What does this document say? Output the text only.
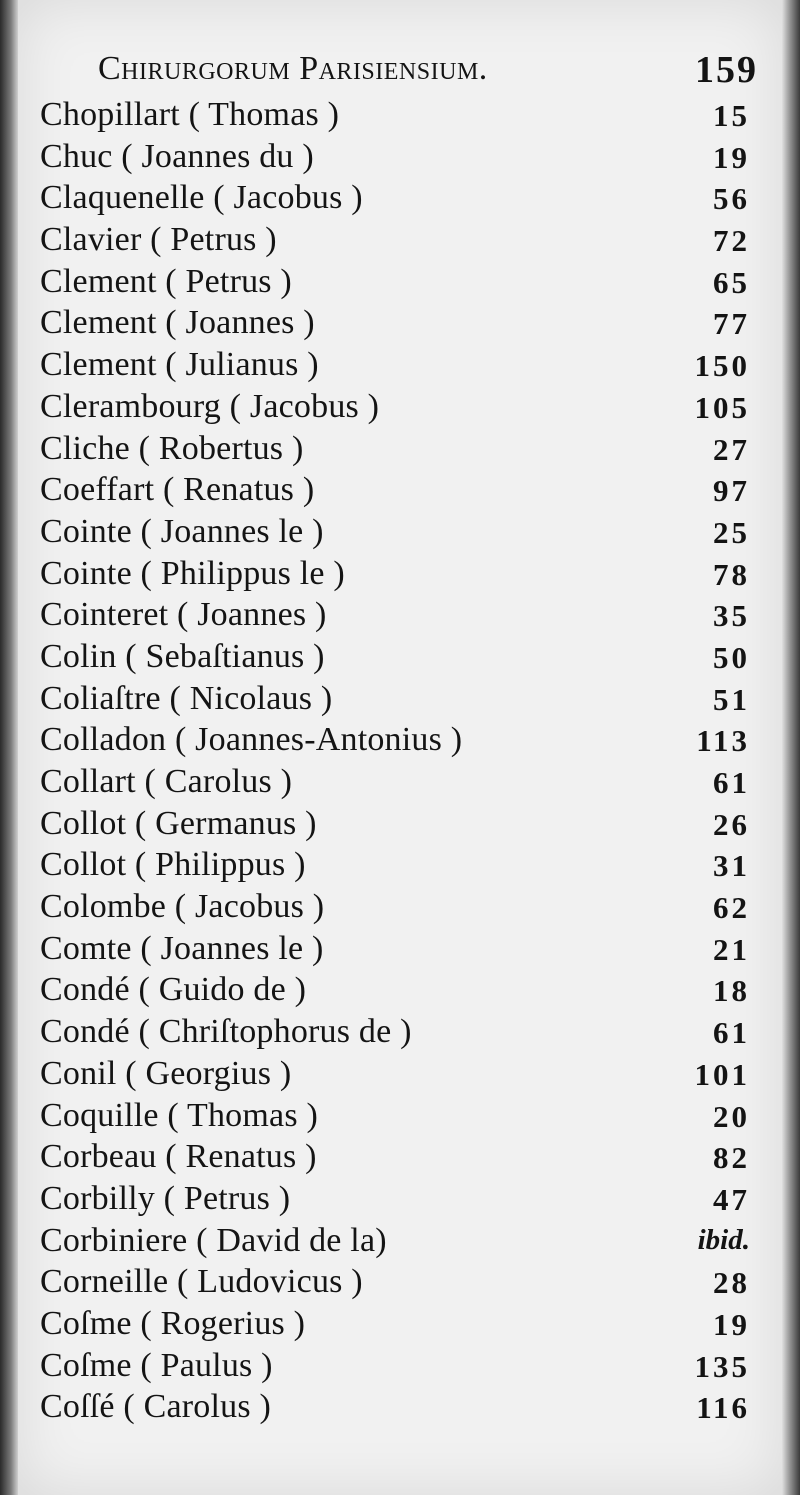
Chirurgorum Parisiensium.	159
Chopillart ( Thomas )	15
Chuc ( Joannes du )	19
Claquenelle ( Jacobus )	56
Clavier ( Petrus )	72
Clement ( Petrus )	65
Clement ( Joannes )	77
Clement ( Julianus )	150
Clerambourg ( Jacobus )	105
Cliche ( Robertus )	27
Coeffart ( Renatus )	97
Cointe ( Joannes le )	25
Cointe ( Philippus le )	78
Cointeret ( Joannes )	35
Colin ( Sebaſtianus )	50
Coliaſtre ( Nicolaus )	51
Colladon ( Joannes-Antonius )	113
Collart ( Carolus )	61
Collot ( Germanus )	26
Collot ( Philippus )	31
Colombe ( Jacobus )	62
Comte ( Joannes le )	21
Condé ( Guido de )	18
Condé ( Chriſtophorus de )	61
Conil ( Georgius )	101
Coquille ( Thomas )	20
Corbeau ( Renatus )	82
Corbilly ( Petrus )	47
Corbiniere ( David de la)	ibid.
Corneille ( Ludovicus )	28
Coſme ( Rogerius )	19
Coſme ( Paulus )	135
Coſſé ( Carolus )	116
